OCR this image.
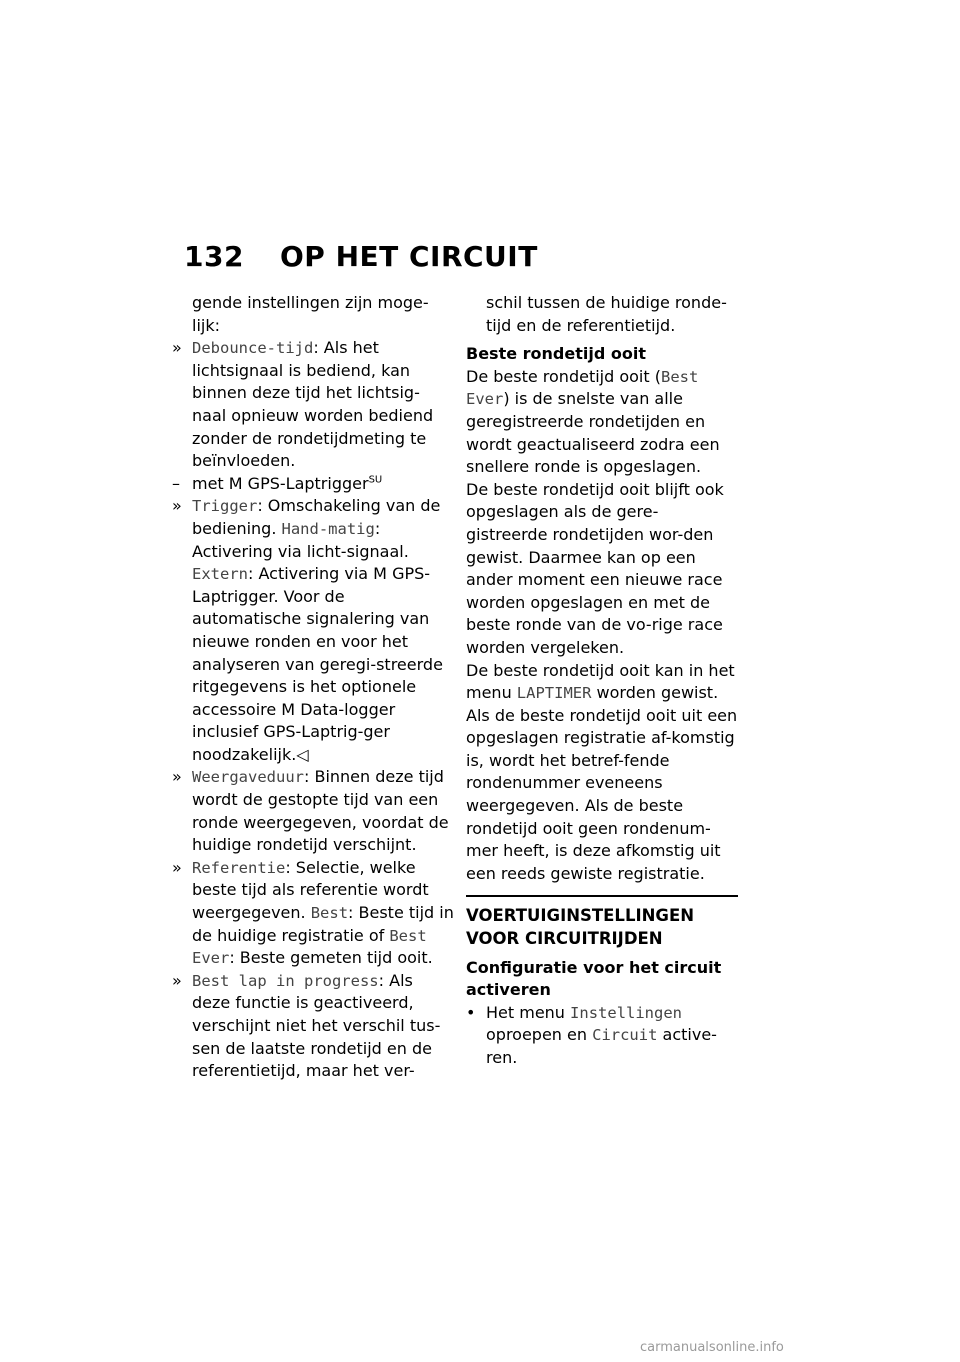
132 OP HET CIRCUIT

gende instellingen zijn moge-lijk:

» Debounce-tijd: Als het lichtsignaal is bediend, kan binnen deze tijd het lichtsig-naal opnieuw worden bediend zonder de rondetijdmeting te beïnvloeden.
– met M GPS-Laptrigger$^{SU}$
» Trigger: Omschakeling van de bediening. Hand-matig: Activering via licht-signaal. Extern: Activering via M GPS-Laptrigger. Voor de automatische signalering van nieuwe ronden en voor het analyseren van geregi-streerde ritgegevens is het optionele accessoire M Data-logger inclusief GPS-Laptrig-ger noodzakelijk.◁
» Weergaveduur: Binnen deze tijd wordt de gestopte tijd van een ronde weergegeven, voordat de huidige rondetijd verschijnt.
» Referentie: Selectie, welke beste tijd als referentie wordt weergegeven. Best: Beste tijd in de huidige registratie of Best Ever: Beste gemeten tijd ooit.
» Best lap in progress: Als deze functie is geactiveerd, verschijnt niet het verschil tus-sen de laatste rondetijd en de referentietijd, maar het ver-

schil tussen de huidige ronde-tijd en de referentietijd.

Beste rondetijd ooit

De beste rondetijd ooit (Best Ever) is de snelste van alle geregistreerde rondetijden en wordt geactualiseerd zodra een snellere ronde is opgeslagen.

De beste rondetijd ooit blijft ook opgeslagen als de gere-gistreerde rondetijden wor-den gewist. Daarmee kan op een ander moment een nieuwe race worden opgeslagen en met de beste ronde van de vo-rige race worden vergeleken.

De beste rondetijd ooit kan in het menu LAPTIMER worden gewist.

Als de beste rondetijd ooit uit een opgeslagen registratie af-komstig is, wordt het betref-fende rondenummer eveneens weergegeven. Als de beste rondetijd ooit geen rondenum-mer heeft, is deze afkomstig uit een reeds gewiste registratie.

VOERTUIGINSTELLINGEN VOOR CIRCUITRIJDEN

Configuratie voor het circuit activeren

• Het menu Instellingen oproepen en Circuit active-ren.
carmanualsonline.info
